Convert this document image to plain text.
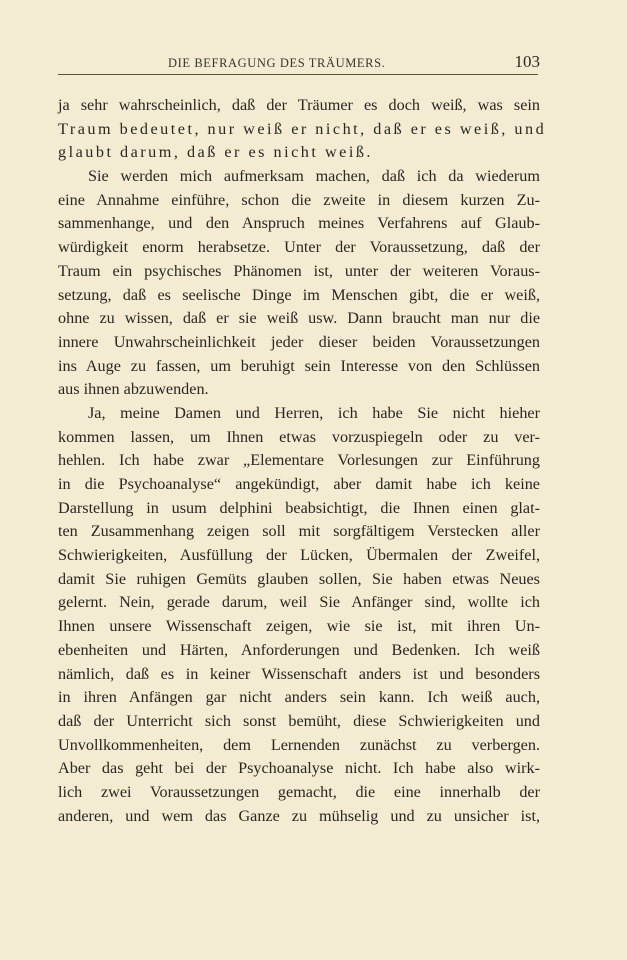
DIE BEFRAGUNG DES TRÄUMERS.	103
ja sehr wahrscheinlich, daß der Träumer es doch weiß, was sein
Traum bedeutet, nur weiß er nicht, daß er es weiß, und
glaubt darum, daß er es nicht weiß.
Sie werden mich aufmerksam machen, daß ich da wiederum
eine Annahme einführe, schon die zweite in diesem kurzen Zu-
sammenhange, und den Anspruch meines Verfahrens auf Glaub-
würdigkeit enorm herabsetze. Unter der Voraussetzung, daß der
Traum ein psychisches Phänomen ist, unter der weiteren Voraus-
setzung, daß es seelische Dinge im Menschen gibt, die er weiß,
ohne zu wissen, daß er sie weiß usw. Dann braucht man nur die
innere Unwahrscheinlichkeit jeder dieser beiden Voraussetzungen
ins Auge zu fassen, um beruhigt sein Interesse von den Schlüssen
aus ihnen abzuwenden.
Ja, meine Damen und Herren, ich habe Sie nicht hieher
kommen lassen, um Ihnen etwas vorzuspiegeln oder zu ver-
hehlen. Ich habe zwar „Elementare Vorlesungen zur Einführung
in die Psychoanalyse“ angekündigt, aber damit habe ich keine
Darstellung in usum delphini beabsichtigt, die Ihnen einen glat-
ten Zusammenhang zeigen soll mit sorgfältigem Verstecken aller
Schwierigkeiten, Ausfüllung der Lücken, Übermalen der Zweifel,
damit Sie ruhigen Gemüts glauben sollen, Sie haben etwas Neues
gelernt. Nein, gerade darum, weil Sie Anfänger sind, wollte ich
Ihnen unsere Wissenschaft zeigen, wie sie ist, mit ihren Un-
ebenheiten und Härten, Anforderungen und Bedenken. Ich weiß
nämlich, daß es in keiner Wissenschaft anders ist und besonders
in ihren Anfängen gar nicht anders sein kann. Ich weiß auch,
daß der Unterricht sich sonst bemüht, diese Schwierigkeiten und
Unvollkommenheiten, dem Lernenden zunächst zu verbergen.
Aber das geht bei der Psychoanalyse nicht. Ich habe also wirk-
lich zwei Voraussetzungen gemacht, die eine innerhalb der
anderen, und wem das Ganze zu mühselig und zu unsicher ist,
